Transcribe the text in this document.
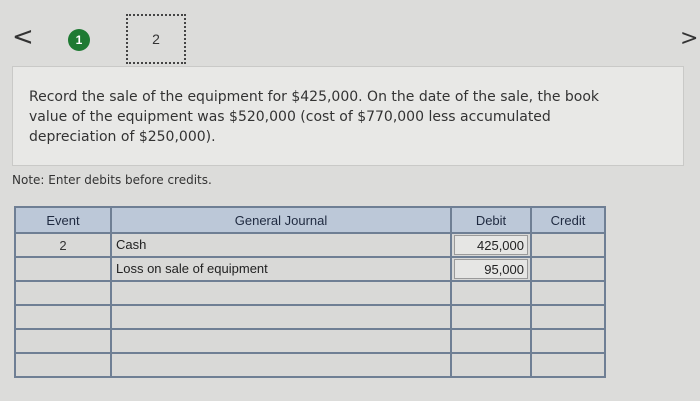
<	>
1	2
Record the sale of the equipment for $425,000. On the date of the sale, the book value of the equipment was $520,000 (cost of $770,000 less accumulated depreciation of $250,000).
Note: Enter debits before credits.
Event	General Journal	Debit	Credit
2	Cash	425,000	

	Loss on sale of equipment	95,000	
